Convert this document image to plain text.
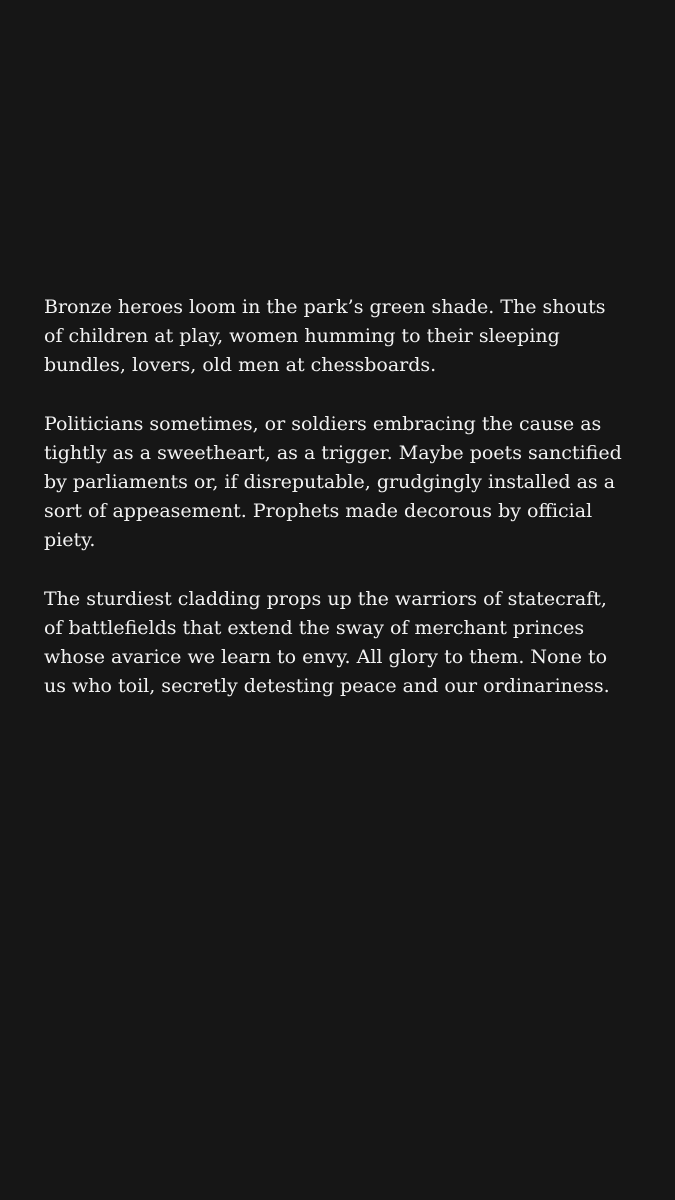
Bronze heroes loom in the park’s green shade. The shouts
of children at play, women humming to their sleeping
bundles, lovers, old men at chessboards.

Politicians sometimes, or soldiers embracing the cause as
tightly as a sweetheart, as a trigger. Maybe poets sanctified
by parliaments or, if disreputable, grudgingly installed as a
sort of appeasement. Prophets made decorous by official
piety.

The sturdiest cladding props up the warriors of statecraft,
of battlefields that extend the sway of merchant princes
whose avarice we learn to envy. All glory to them. None to
us who toil, secretly detesting peace and our ordinariness.
